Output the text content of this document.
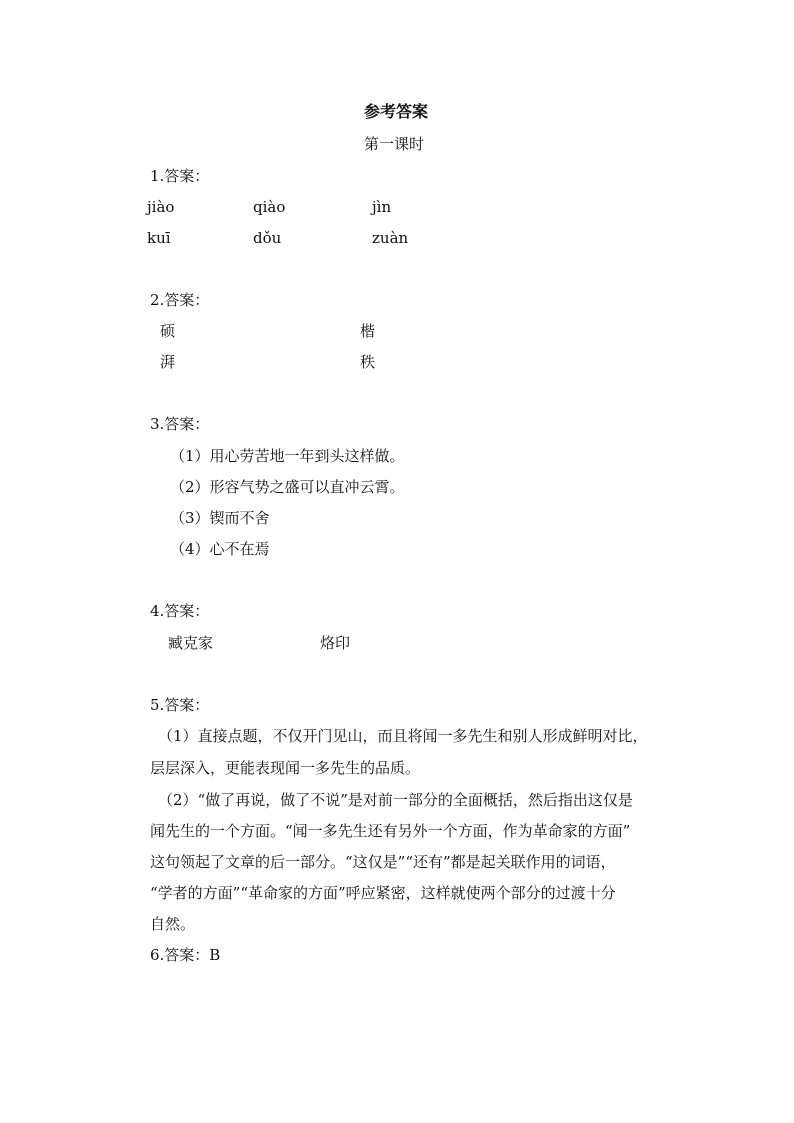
参考答案
第一课时
1.答案：
jiào	qiào	jìn
kuī	dǒu	zuàn
2.答案：
硕	楷
湃	秩
3.答案：
（1）用心劳苦地一年到头这样做。
（2）形容气势之盛可以直冲云霄。
（3）锲而不舍
（4）心不在焉
4.答案：
臧克家	烙印
5.答案：
（1）直接点题，不仅开门见山，而且将闻一多先生和别人形成鲜明对比，
层层深入，更能表现闻一多先生的品质。
（2）“做了再说，做了不说”是对前一部分的全面概括，然后指出这仅是
闻先生的一个方面。“闻一多先生还有另外一个方面，作为革命家的方面”
这句领起了文章的后一部分。“这仅是”“还有”都是起关联作用的词语，
“学者的方面”“革命家的方面”呼应紧密，这样就使两个部分的过渡十分
自然。
6.答案：B
